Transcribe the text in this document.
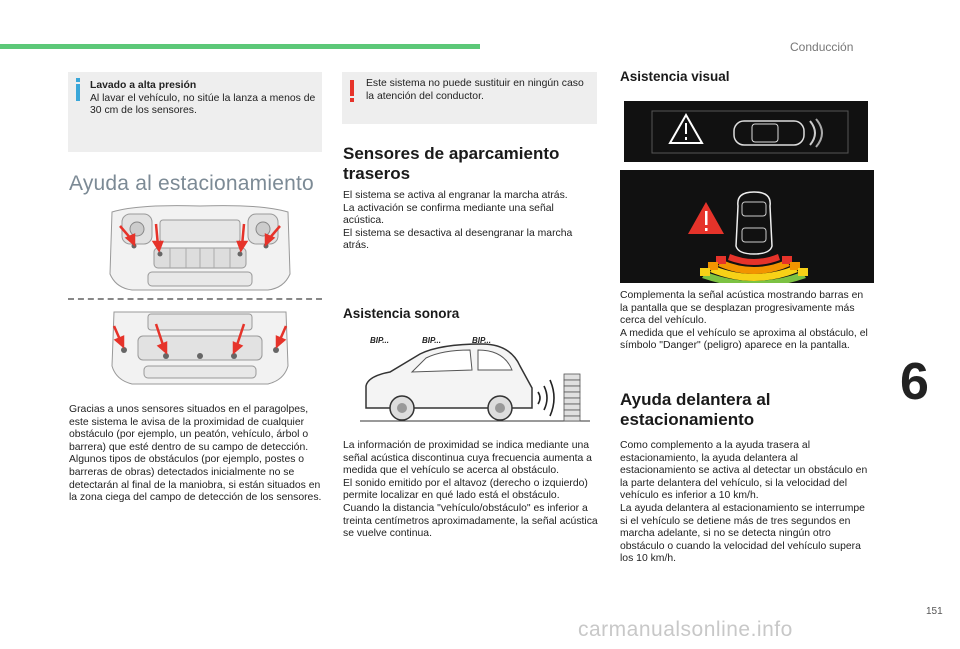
Conducción
Lavado a alta presión
Al lavar el vehículo, no sitúe la lanza a menos de 30 cm de los sensores.
Ayuda al estacionamiento
Gracias a unos sensores situados en el paragolpes, este sistema le avisa de la proximidad de cualquier obstáculo (por ejemplo, un peatón, vehículo, árbol o barrera) que esté dentro de su campo de detección. Algunos tipos de obstáculos (por ejemplo, postes o barreras de obras) detectados inicialmente no se detectarán al final de la maniobra, si están situados en la zona ciega del campo de detección de los sensores.
Este sistema no puede sustituir en ningún caso la atención del conductor.
Sensores de aparcamiento traseros

El sistema se activa al engranar la marcha atrás.

La activación se confirma mediante una señal acústica.

El sistema se desactiva al desengranar la marcha atrás.

Asistencia sonora
BIP...	BIP...	BIP...

La información de proximidad se indica mediante una señal acústica discontinua cuya frecuencia aumenta a medida que el vehículo se acerca al obstáculo.

El sonido emitido por el altavoz (derecho o izquierdo) permite localizar en qué lado está el obstáculo.

Cuando la distancia "vehículo/obstáculo" es inferior a treinta centímetros aproximadamente, la señal acústica se vuelve continua.

Asistencia visual

Complementa la señal acústica mostrando barras en la pantalla que se desplazan progresivamente más cerca del vehículo.

A medida que el vehículo se aproxima al obstáculo, el símbolo "Danger" (peligro) aparece en la pantalla.

Ayuda delantera al estacionamiento

Como complemento a la ayuda trasera al estacionamiento, la ayuda delantera al estacionamiento se activa al detectar un obstáculo en la parte delantera del vehículo, si la velocidad del vehículo es inferior a 10 km/h.

La ayuda delantera al estacionamiento se interrumpe si el vehículo se detiene más de tres segundos en marcha adelante, si no se detecta ningún otro obstáculo o cuando la velocidad del vehículo supera los 10 km/h.

6
151
carmanualsonline.info
